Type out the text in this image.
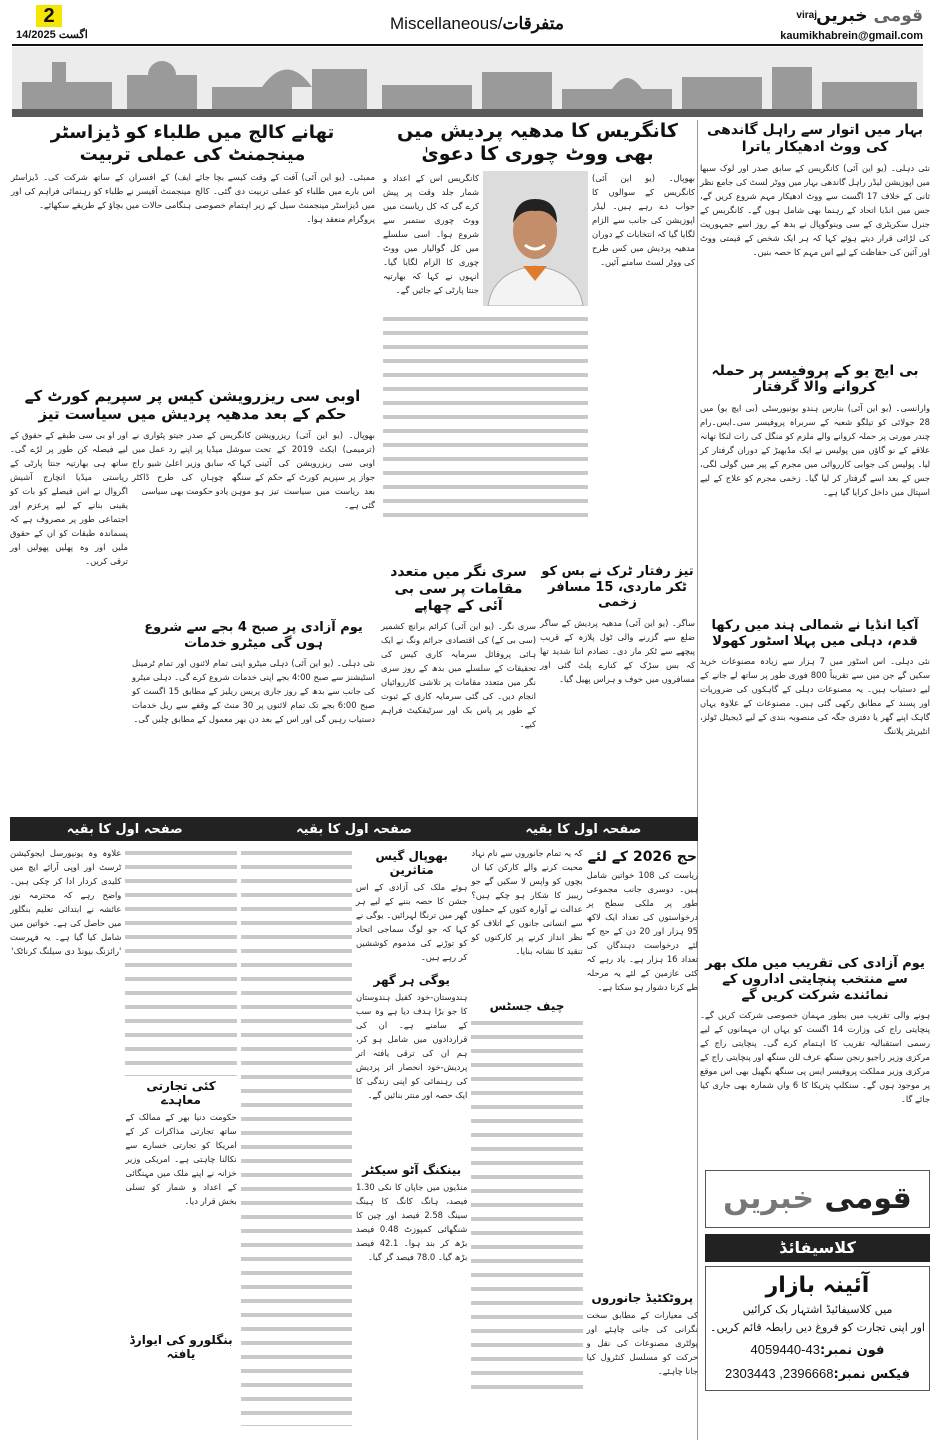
2
14/اگست 2025
Miscellaneous/متفرقات	viraj	قومی خبریں
kaumikhabrein@gmail.com
بہار میں اتوار سے راہل گاندھی کی ووٹ ادھیکار یاترا
نئی دہلی۔ (یو این آئی) کانگریس کے سابق صدر اور لوک سبھا میں اپوزیشن لیڈر راہل گاندھی بہار میں ووٹر لسٹ کی جامع نظر ثانی کے خلاف 17 اگست سے ووٹ ادھیکار مہم شروع کریں گے، جس میں انڈیا اتحاد کے رہنما بھی شامل ہوں گے۔ کانگریس کے جنرل سکریٹری کے سی وینوگوپال نے بدھ کے روز اسے جمہوریت کی لڑائی قرار دیتے ہوئے کہا کہ ہر ایک شخص کے قیمتی ووٹ اور آئین کی حفاظت کے لیے اس مہم کا حصہ بنیں۔
بی ایچ یو کے پروفیسر پر حملہ کروانے والا گرفتار
وارانسی۔ (یو این آئی) بنارس ہندو یونیورسٹی (بی ایچ یو) میں 28 جولائی کو تیلگو شعبہ کے سربراہ پروفیسر سی۔ایس۔رام چندر مورتی پر حملہ کروانے والے ملزم کو منگل کی رات لنکا تھانہ علاقے کے نو گاؤں میں پولیس نے ایک مڈبھیڑ کے دوران گرفتار کر لیا۔ پولیس کی جوابی کارروائی میں مجرم کے پیر میں گولی لگی، جس کے بعد اسے گرفتار کر لیا گیا۔ زخمی مجرم کو علاج کے لیے اسپتال میں داخل کرایا گیا ہے۔
آکیا انڈیا نے شمالی ہند میں رکھا قدم، دہلی میں پہلا اسٹور کھولا
نئی دہلی۔ اس اسٹور میں 7 ہزار سے زیادہ مصنوعات خرید سکیں گے جن میں سے تقریباً 800 فوری طور پر ساتھ لے جانے کے لیے دستیاب ہیں۔ یہ مصنوعات دہلی کے گاہکوں کی ضروریات اور پسند کے مطابق رکھی گئی ہیں۔ مصنوعات کے علاوہ یہاں گاہک اپنے گھر یا دفتری جگہ کی منصوبہ بندی کے لیے ڈیجیٹل ٹولز، انٹیریئر پلاننگ
یوم آزادی کی تقریب میں ملک بھر سے منتخب پنچایتی اداروں کے نمائندے شرکت کریں گے
ہونے والی تقریب میں بطور مہمان خصوصی شرکت کریں گے۔ پنچایتی راج کی وزارت 14 اگست کو یہاں ان مہمانوں کے لیے رسمی استقبالیہ تقریب کا اہتمام کرے گی۔ پنچایتی راج کے مرکزی وزیر راجیو رنجن سنگھ عرف للن سنگھ اور پنچایتی راج کے مرکزی وزیر مملکت پروفیسر ایس پی سنگھ بگھیل بھی اس موقع پر موجود ہوں گے۔ سنکلپ پتریکا کا 6 واں شمارہ بھی جاری کیا جائے گا۔
کانگریس کا مدھیہ پردیش میں بھی ووٹ چوری کا دعویٰ
بھوپال۔ (یو این آئی) کانگریس کے سوالوں کا جواب دے رہے ہیں۔ لیڈر اپوزیشن کی جانب سے الزام لگایا گیا کہ انتخابات کے دوران مدھیہ پردیش میں کس طرح کی ووٹر لسٹ سامنے آئیں۔
کانگریس اس کے اعداد و شمار جلد وقت پر پیش کرے گی کہ کل ریاست میں ووٹ چوری ستمبر سے شروع ہوا۔ اسی سلسلے میں کل گوالیار میں ووٹ چوری کا الزام لگایا گیا۔ انہوں نے کہا کہ بھارتیہ جنتا پارٹی کے جائیں گے۔
تیز رفتار ٹرک نے بس کو ٹکر ماردی، 15 مسافر زخمی
ساگر۔ (یو این آئی) مدھیہ پردیش کے ساگر ضلع سے گزرنے والی ٹول پلازہ کے قریب پیچھے سے ٹکر مار دی۔ تصادم اتنا شدید تھا کہ بس سڑک کے کنارے پلٹ گئی اور مسافروں میں خوف و ہراس پھیل گیا۔
سری نگر میں متعدد مقامات پر سی بی آئی کے چھاپے
سری نگر۔ (یو این آئی) کرائم برانچ کشمیر (سی بی کے) کی اقتصادی جرائم ونگ نے ایک ہائی پروفائل سرمایہ کاری کیس کی تحقیقات کے سلسلے میں بدھ کے روز سری نگر میں متعدد مقامات پر تلاشی کارروائیاں انجام دیں۔ کی گئی سرمایہ کاری کے ثبوت کے طور پر پاس بک اور سرٹیفکیٹ فراہم کیے۔
تھانے کالج میں طلباء کو ڈیزاسٹر مینجمنٹ کی عملی تربیت
ممبئی۔ (یو این آئی) آفت کے وقت کیسے بچا جائے اس بارے میں طلباء کو عملی تربیت دی گئی۔ کالج میں ڈیزاسٹر مینجمنٹ سیل کے زیر اہتمام خصوصی پروگرام منعقد ہوا۔
ایف) کے افسران کے ساتھ شرکت کی۔ ڈیزاسٹر مینجمنٹ آفیسر نے طلباء کو رہنمائی فراہم کی اور ہنگامی حالات میں بچاؤ کے طریقے سکھائے۔
اوبی سی ریزرویشن کیس پر سپریم کورٹ کے حکم کے بعد مدھیہ پردیش میں سیاست تیز
بھوپال۔ (یو این آئی) ریزرویشن (ترمیمی) ایکٹ 2019 کے تحت اوبی سی ریزرویشن کی آئینی جواز پر سپریم کورٹ کے حکم کے بعد ریاست میں سیاست تیز ہو گئی ہے۔
کانگریس کے صدر جیتو پٹواری نے سوشل میڈیا پر اپنے رد عمل میں کہا کہ سابق وزیر اعلیٰ شیو راج سنگھ چوہان کی طرح ڈاکٹر موہن یادو حکومت بھی سیاسی
یوم آزادی پر صبح 4 بجے سے شروع ہوں گی میٹرو خدمات
نئی دہلی۔ (یو این آئی) دہلی میٹرو اپنی تمام لائنوں اور تمام ٹرمینل اسٹیشنز سے صبح 4:00 بجے اپنی خدمات شروع کرے گی۔ دہلی میٹرو کی جانب سے بدھ کے روز جاری پریس ریلیز کے مطابق 15 اگست کو صبح 6:00 بجے تک تمام لائنوں پر 30 منٹ کے وقفے سے ریل خدمات دستیاب رہیں گی اور اس کے بعد دن بھر معمول کے مطابق چلیں گی۔
اور او بی سی طبقے کے حقوق کے لیے فیصلہ کن طور پر لڑے گی۔ ساتھ ہی بھارتیہ جنتا پارٹی کے ریاستی میڈیا انچارج آشیش اگروال نے اس فیصلے کو بات کو یقینی بنانے کے لیے پرعزم اور اجتماعی طور پر مصروف ہے کہ پسماندہ طبقات کو ان کے حقوق ملیں اور وہ پھلیں پھولیں اور ترقی کریں۔
صفحہ اول کا بقیہ
صفحہ اول کا بقیہ
صفحہ اول کا بقیہ
حج 2026 کے لئے
ریاست کی 108 خواتین شامل ہیں۔ دوسری جانب مجموعی طور پر ملکی سطح پر درخواستوں کی تعداد ایک لاکھ 95 ہزار اور 20 دن کے حج کے لئے درخواست دہندگان کی تعداد 16 ہزار ہے۔ یاد رہے کہ کئی عازمین کے لئے یہ مرحلہ طے کرنا دشوار ہو سکتا ہے۔
پروٹکٹیڈ جانوروں
کی معیارات کے مطابق سخت نگرانی کی جانی چاہئے اور پولٹری مصنوعات کی نقل و حرکت کو مسلسل کنٹرول کیا جانا چاہئے۔
کہ یہ تمام جانوروں سے نام نہاد محبت کرنے والے کارکن کیا ان بچوں کو واپس لا سکیں گے جو ریبیز کا شکار ہو چکے ہیں؟ عدالت نے آوارہ کتوں کے حملوں سے انسانی جانوں کے اتلاف کو نظر انداز کرنے پر کارکنوں کو تنقید کا نشانہ بنایا۔
چیف جسٹس
بھوپال گیس متاثرین
ہوئے ملک کی آزادی کے اس جشن کا حصہ بننے کے لیے ہر گھر میں ترنگا لہرائیں۔ یوگی نے کہا کہ جو لوگ سماجی اتحاد کو توڑنے کی مذموم کوششیں کر رہے ہیں۔
یوگی ہر گھر
ہندوستان-خود کفیل ہندوستان کا جو بڑا ہدف دیا ہے وہ سب کے سامنے ہے۔ ان کی قراردادوں میں شامل ہو کر، ہم ان کی ترقی یافتہ اتر پردیش-خود انحصار اتر پردیش کی رہنمائی کو اپنی زندگی کا ایک حصہ اور منتر بنائیں گے۔
بینکنگ آٹو سیکٹر
منڈیوں میں جاپان کا نکی 1.30 فیصد، ہانگ کانگ کا ہینگ سینگ 2.58 فیصد اور چین کا شنگھائی کمپوزٹ 0.48 فیصد بڑھ کر بند ہوا۔ 42.1 فیصد بڑھ گیا۔ 78.0 فیصد گر گیا۔
کئی تجارتی معاہدے
حکومت دنیا بھر کے ممالک کے ساتھ تجارتی مذاکرات کر کے امریکا کو تجارتی خسارے سے نکالنا چاہتی ہے۔ امریکی وزیر خزانہ نے اپنے ملک میں مہنگائی کے اعداد و شمار کو تسلی بخش قرار دیا۔
بنگلورو کی ایوارڈ یافتہ
علاوہ وہ یونیورسل ایجوکیشن ٹرسٹ اور اوپی آرائے ایچ میں کلیدی کردار ادا کر چکی ہیں۔ واضح رہے کہ محترمہ نور عائشہ نے ابتدائی تعلیم بنگلور میں حاصل کی ہے۔ خواتین میں شامل کیا گیا ہے۔ یہ فہرست 'رائزنگ بیونڈ دی سیلنگ کرناٹک'
قومی خبریں
کلاسیفائڈ
آئینہ بازار
میں کلاسیفائیڈ اشتہار بک کرائیں
اور اپنی تجارت کو فروغ دیں رابطہ قائم کریں۔
فون نمبر:43-4059440
فیکس نمبر:2396668, 2303443
